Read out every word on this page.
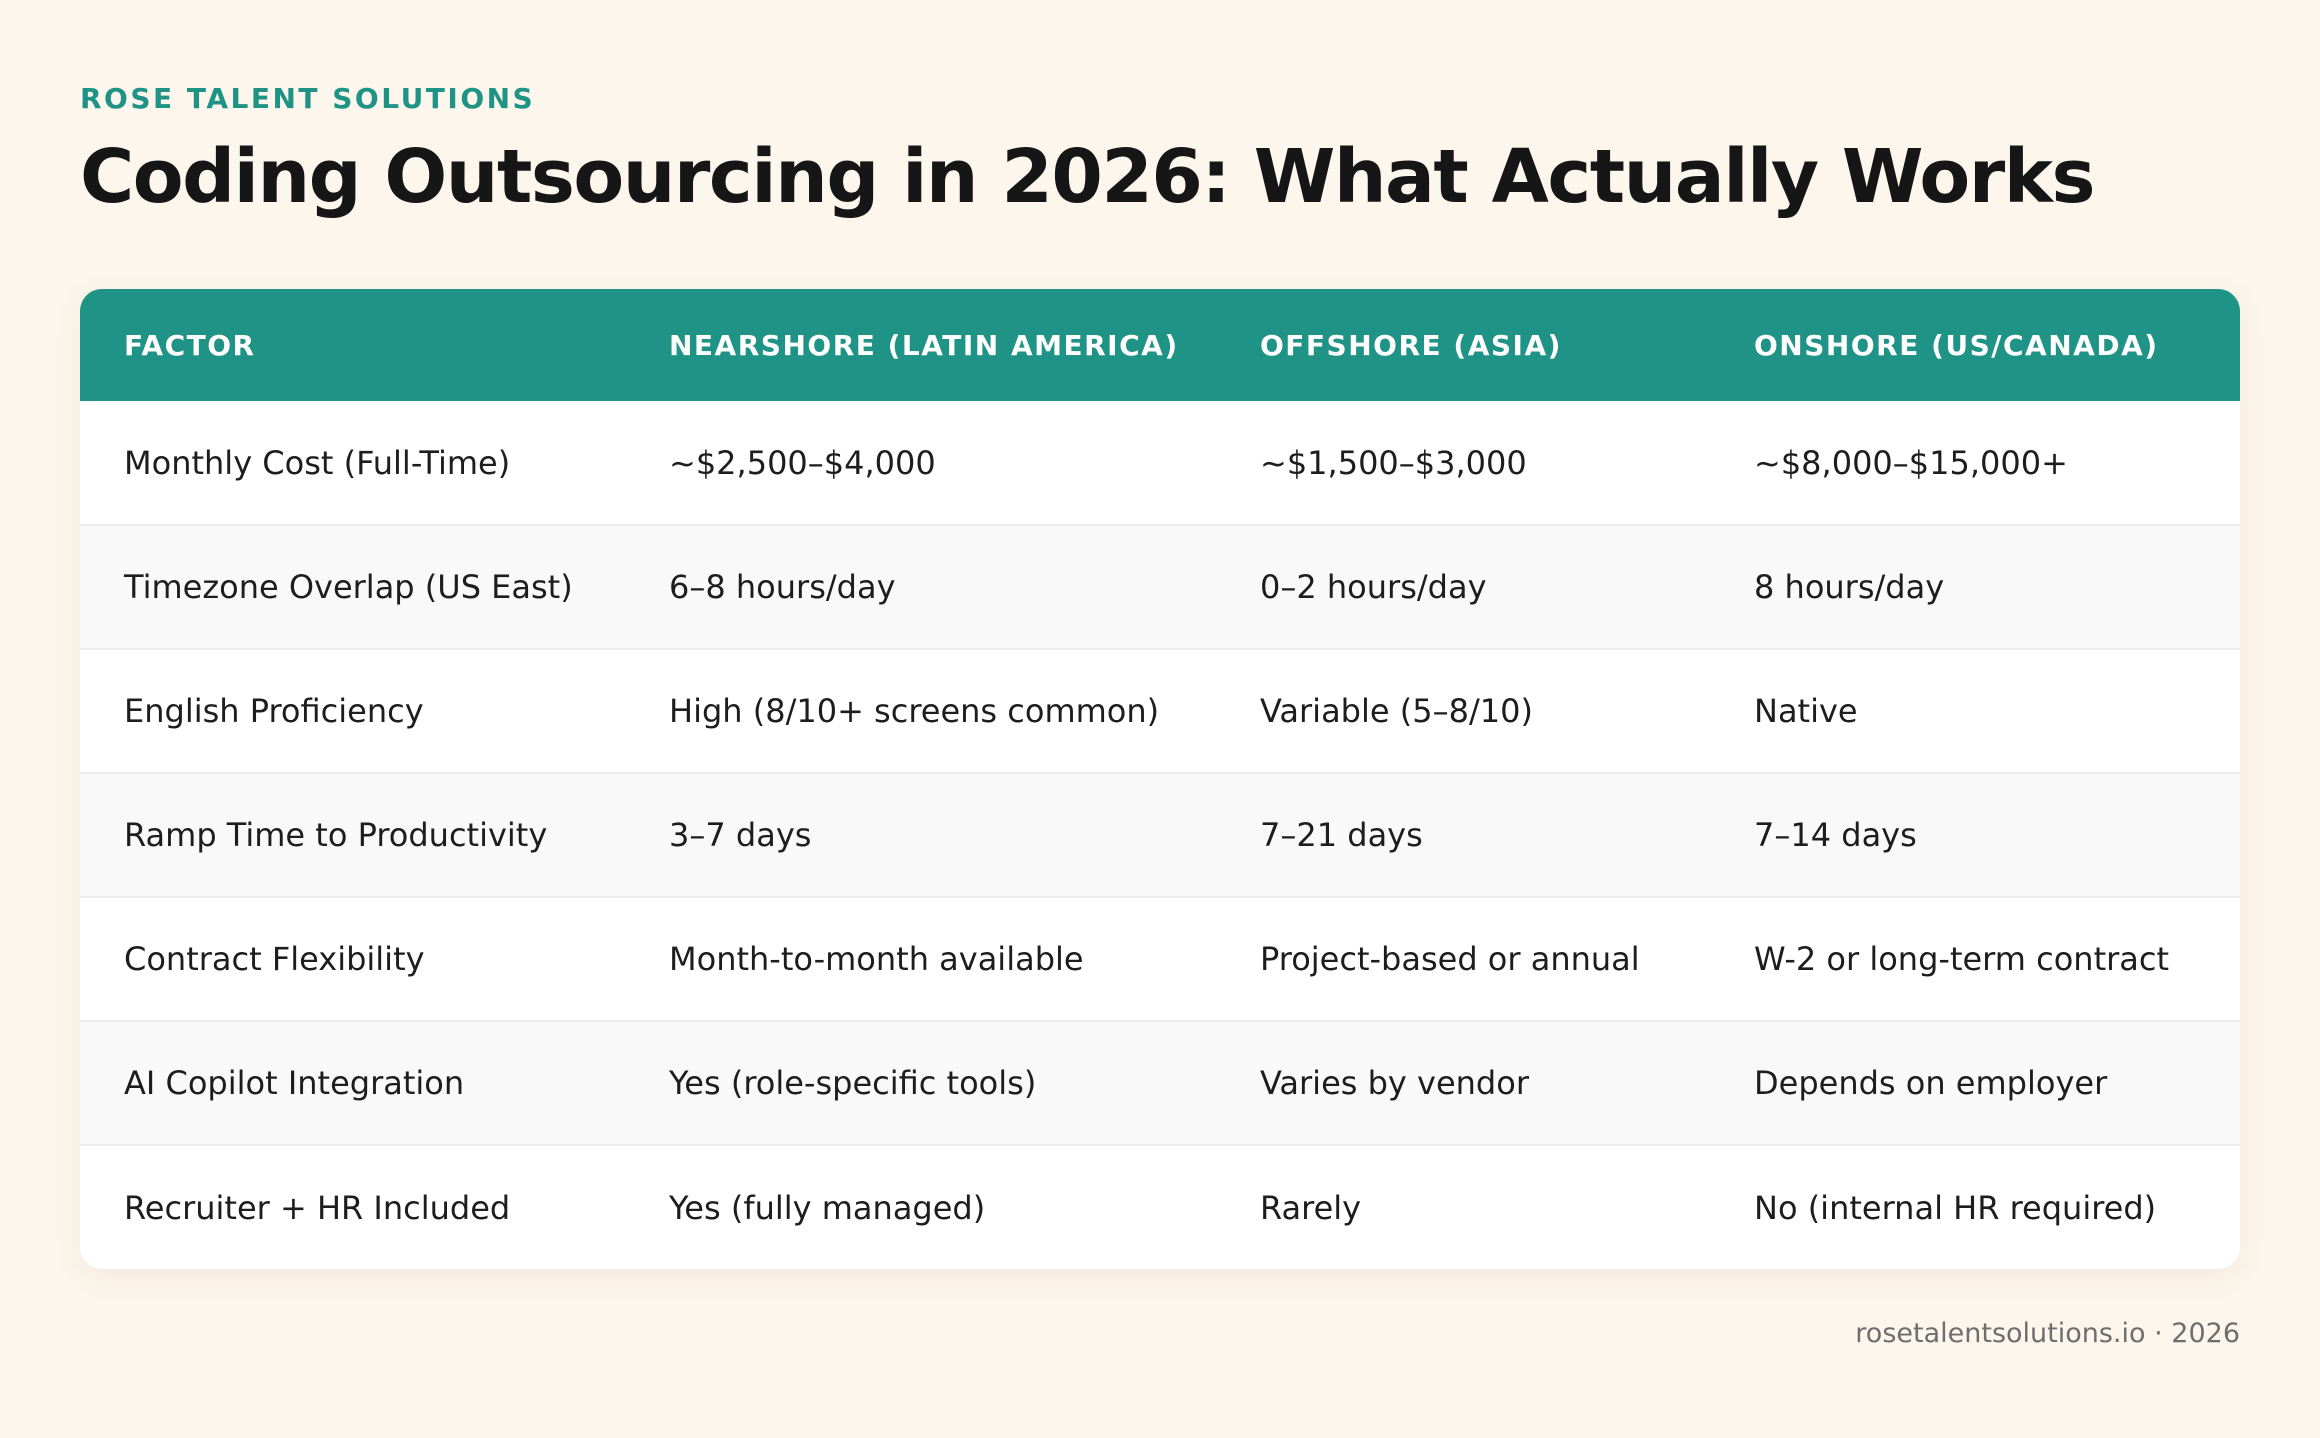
ROSE TALENT SOLUTIONS
Coding Outsourcing in 2026: What Actually Works
FACTOR	NEARSHORE (LATIN AMERICA)	OFFSHORE (ASIA)	ONSHORE (US/CANADA)
Monthly Cost (Full-Time)	~$2,500–$4,000	~$1,500–$3,000	~$8,000–$15,000+
Timezone Overlap (US East)	6–8 hours/day	0–2 hours/day	8 hours/day
English Proficiency	High (8/10+ screens common)	Variable (5–8/10)	Native
Ramp Time to Productivity	3–7 days	7–21 days	7–14 days
Contract Flexibility	Month-to-month available	Project-based or annual	W-2 or long-term contract
AI Copilot Integration	Yes (role-specific tools)	Varies by vendor	Depends on employer
Recruiter + HR Included	Yes (fully managed)	Rarely	No (internal HR required)
rosetalentsolutions.io · 2026
